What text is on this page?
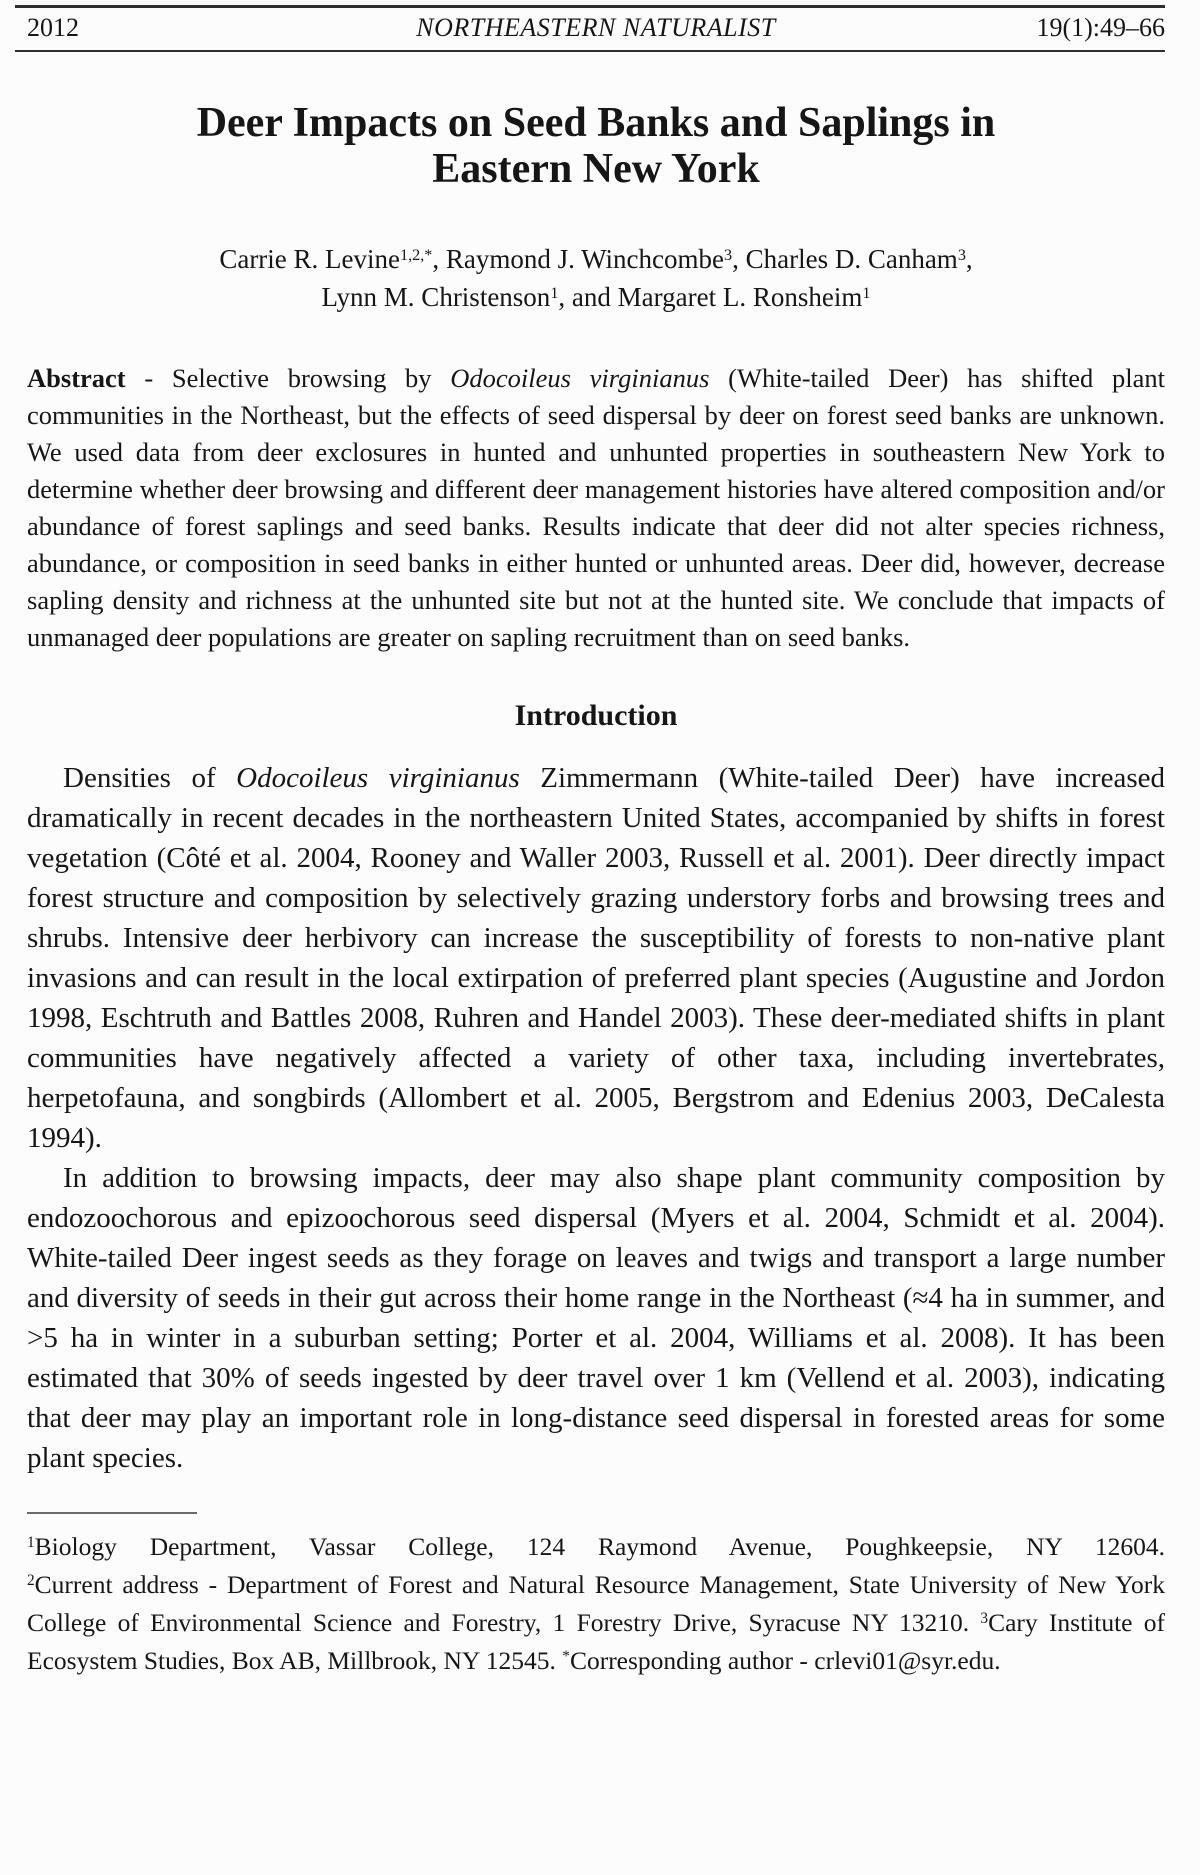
2012	NORTHEASTERN NATURALIST	19(1):49–66
Deer Impacts on Seed Banks and Saplings in
Eastern New York
Carrie R. Levine$^{1,2,*}$, Raymond J. Winchcombe$^3$, Charles D. Canham$^3$,
Lynn M. Christenson$^1$, and Margaret L. Ronsheim$^1$

Abstract - Selective browsing by Odocoileus virginianus (White-tailed Deer) has shifted plant communities in the Northeast, but the effects of seed dispersal by deer on forest seed banks are unknown. We used data from deer exclosures in hunted and unhunted properties in southeastern New York to determine whether deer browsing and different deer management histories have altered composition and/or abundance of forest saplings and seed banks. Results indicate that deer did not alter species richness, abundance, or composition in seed banks in either hunted or unhunted areas. Deer did, however, decrease sapling density and richness at the unhunted site but not at the hunted site. We conclude that impacts of unmanaged deer populations are greater on sapling recruitment than on seed banks.

Introduction

Densities of Odocoileus virginianus Zimmermann (White-tailed Deer) have increased dramatically in recent decades in the northeastern United States, accompanied by shifts in forest vegetation (Côté et al. 2004, Rooney and Waller 2003, Russell et al. 2001). Deer directly impact forest structure and composition by selectively grazing understory forbs and browsing trees and shrubs. Intensive deer herbivory can increase the susceptibility of forests to non-native plant invasions and can result in the local extirpation of preferred plant species (Augustine and Jordon 1998, Eschtruth and Battles 2008, Ruhren and Handel 2003). These deer-mediated shifts in plant communities have negatively affected a variety of other taxa, including invertebrates, herpetofauna, and songbirds (Allombert et al. 2005, Bergstrom and Edenius 2003, DeCalesta 1994).

In addition to browsing impacts, deer may also shape plant community composition by endozoochorous and epizoochorous seed dispersal (Myers et al. 2004, Schmidt et al. 2004). White-tailed Deer ingest seeds as they forage on leaves and twigs and transport a large number and diversity of seeds in their gut across their home range in the Northeast (≈4 ha in summer, and >5 ha in winter in a suburban setting; Porter et al. 2004, Williams et al. 2008). It has been estimated that 30% of seeds ingested by deer travel over 1 km (Vellend et al. 2003), indicating that deer may play an important role in long-distance seed dispersal in forested areas for some plant species.

$^1$Biology Department, Vassar College, 124 Raymond Avenue, Poughkeepsie, NY 12604.

$^2$Current address - Department of Forest and Natural Resource Management, State University of New York College of Environmental Science and Forestry, 1 Forestry Drive, Syracuse NY 13210. $^3$Cary Institute of Ecosystem Studies, Box AB, Millbrook, NY 12545. *Corresponding author - crlevi01@syr.edu.
